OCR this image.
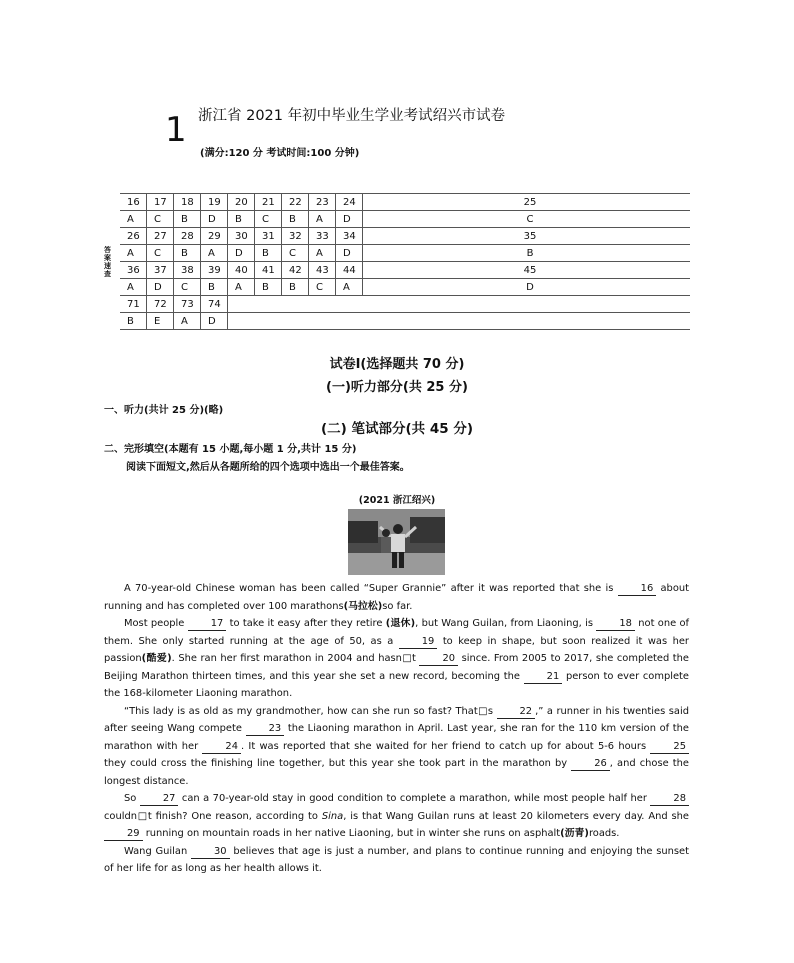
1 浙江省 2021 年初中毕业生学业考试绍兴市试卷
(满分:120 分 考试时间:100 分钟)
答案速查
16	17	18	19	20	21	22	23	24	25
A	C	B	D	B	C	B	A	D	C
26	27	28	29	30	31	32	33	34	35
A	C	B	A	D	B	C	A	D	B
36	37	38	39	40	41	42	43	44	45
A	D	C	B	A	B	B	C	A	D
71	72	73	74						
B	E	A	D						
试卷Ⅰ(选择题共 70 分)
(一)听力部分(共 25 分)
一、听力(共计 25 分)(略)
(二) 笔试部分(共 45 分)
二、完形填空(本题有 15 小题,每小题 1 分,共计 15 分)
阅读下面短文,然后从各题所给的四个选项中选出一个最佳答案。
(2021 浙江绍兴)

A 70-year-old Chinese woman has been called “Super Grannie” after it was reported that she is 16 about running and has completed over 100 marathons(马拉松)so far.

Most people 17 to take it easy after they retire (退休), but Wang Guilan, from Liaoning, is 18 not one of them. She only started running at the age of 50, as a 19 to keep in shape, but soon realized it was her passion(酷爱). She ran her first marathon in 2004 and hasn□t 20 since. From 2005 to 2017, she completed the Beijing Marathon thirteen times, and this year she set a new record, becoming the 21 person to ever complete the 168-kilometer Liaoning marathon.

“This lady is as old as my grandmother, how can she run so fast? That□s 22 ,” a runner in his twenties said after seeing Wang compete 23 the Liaoning marathon in April. Last year, she ran for the 110 km version of the marathon with her 24 . It was reported that she waited for her friend to catch up for about 5-6 hours 25 they could cross the finishing line together, but this year she took part in the marathon by 26 , and chose the longest distance.

So 27 can a 70-year-old stay in good condition to complete a marathon, while most people half her 28 couldn□t finish? One reason, according to Sina, is that Wang Guilan runs at least 20 kilometers every day. And she 29 running on mountain roads in her native Liaoning, but in winter she runs on asphalt(沥青)roads.

Wang Guilan 30 believes that age is just a number, and plans to continue running and enjoying the sunset of her life for as long as her health allows it.
